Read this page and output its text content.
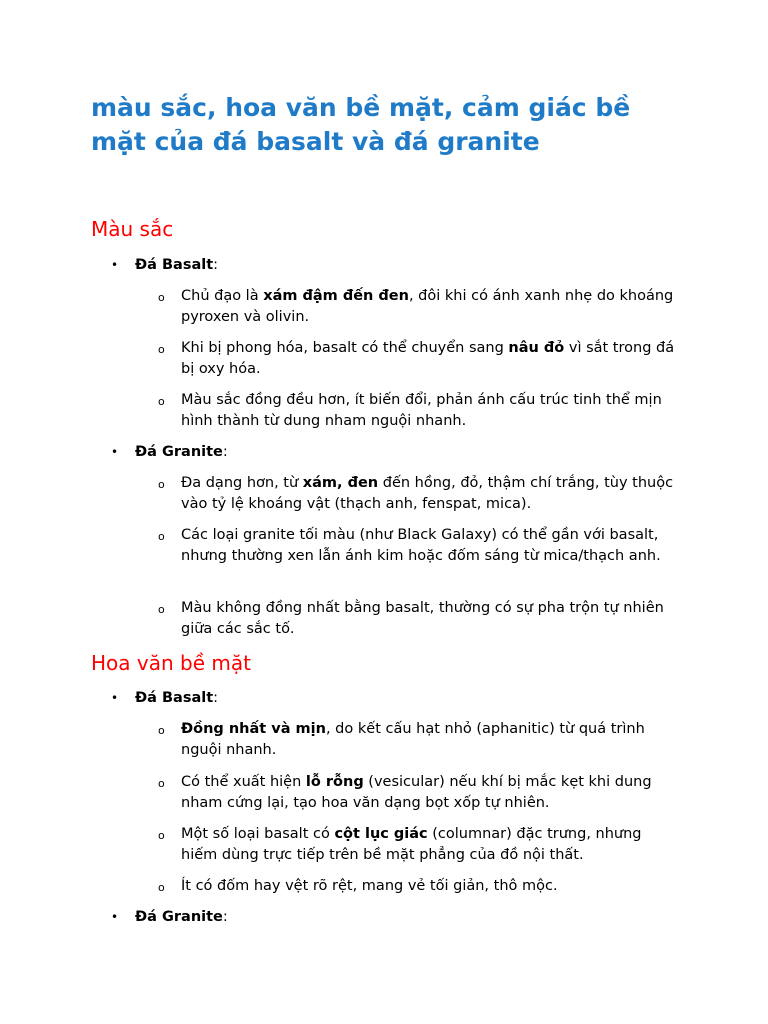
màu sắc, hoa văn bề mặt, cảm giác bề mặt của đá basalt và đá granite
Màu sắc
• Đá Basalt:
o Chủ đạo là xám đậm đến đen, đôi khi có ánh xanh nhẹ do khoáng pyroxen và olivin.
o Khi bị phong hóa, basalt có thể chuyển sang nâu đỏ vì sắt trong đá bị oxy hóa.
o Màu sắc đồng đều hơn, ít biến đổi, phản ánh cấu trúc tinh thể mịn hình thành từ dung nham nguội nhanh.
• Đá Granite:
o Đa dạng hơn, từ xám, đen đến hồng, đỏ, thậm chí trắng, tùy thuộc vào tỷ lệ khoáng vật (thạch anh, fenspat, mica).
o Các loại granite tối màu (như Black Galaxy) có thể gần với basalt, nhưng thường xen lẫn ánh kim hoặc đốm sáng từ mica/thạch anh.
o Màu không đồng nhất bằng basalt, thường có sự pha trộn tự nhiên giữa các sắc tố.
Hoa văn bề mặt
• Đá Basalt:
o Đồng nhất và mịn, do kết cấu hạt nhỏ (aphanitic) từ quá trình nguội nhanh.
o Có thể xuất hiện lỗ rỗng (vesicular) nếu khí bị mắc kẹt khi dung nham cứng lại, tạo hoa văn dạng bọt xốp tự nhiên.
o Một số loại basalt có cột lục giác (columnar) đặc trưng, nhưng hiếm dùng trực tiếp trên bề mặt phẳng của đồ nội thất.
o Ít có đốm hay vệt rõ rệt, mang vẻ tối giản, thô mộc.
• Đá Granite:
